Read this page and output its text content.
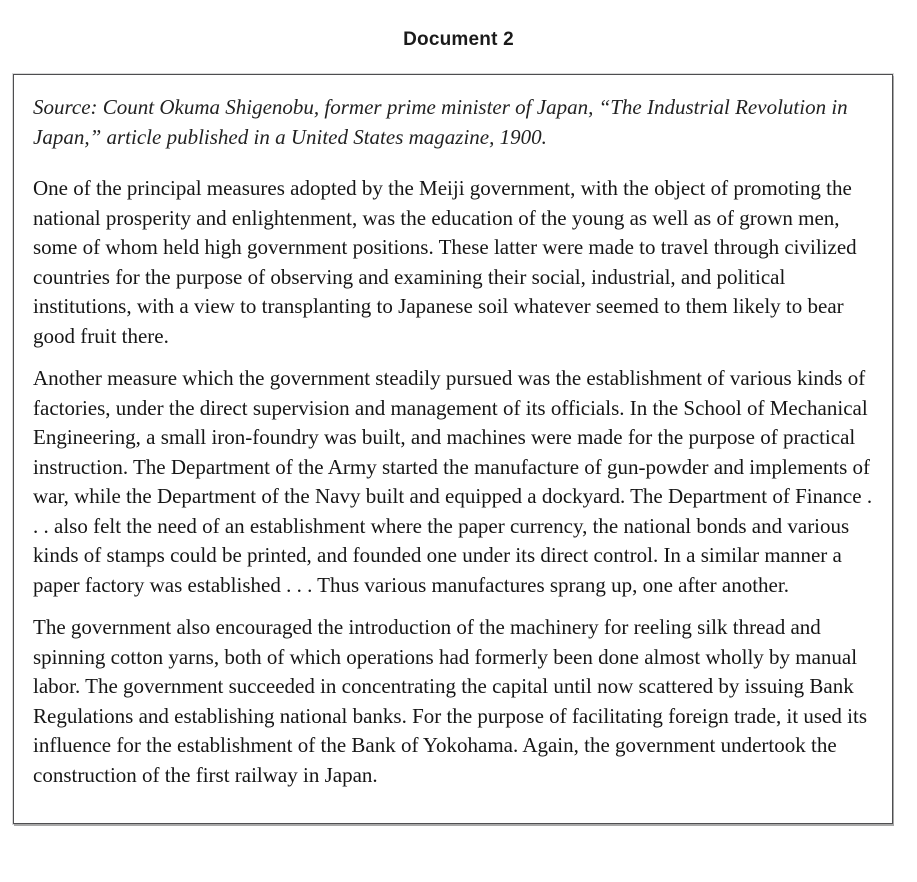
Document 2

Source: Count Okuma Shigenobu, former prime minister of Japan, “The Industrial Revolution in Japan,” article published in a United States magazine, 1900.

One of the principal measures adopted by the Meiji government, with the object of promoting the national prosperity and enlightenment, was the education of the young as well as of grown men, some of whom held high government positions. These latter were made to travel through civilized countries for the purpose of observing and examining their social, industrial, and political institutions, with a view to transplanting to Japanese soil whatever seemed to them likely to bear good fruit there.

Another measure which the government steadily pursued was the establishment of various kinds of factories, under the direct supervision and management of its officials. In the School of Mechanical Engineering, a small iron-foundry was built, and machines were made for the purpose of practical instruction. The Department of the Army started the manufacture of gun-powder and implements of war, while the Department of the Navy built and equipped a dockyard. The Department of Finance . . . also felt the need of an establishment where the paper currency, the national bonds and various kinds of stamps could be printed, and founded one under its direct control. In a similar manner a paper factory was established . . . Thus various manufactures sprang up, one after another.

The government also encouraged the introduction of the machinery for reeling silk thread and spinning cotton yarns, both of which operations had formerly been done almost wholly by manual labor. The government succeeded in concentrating the capital until now scattered by issuing Bank Regulations and establishing national banks. For the purpose of facilitating foreign trade, it used its influence for the establishment of the Bank of Yokohama. Again, the government undertook the construction of the first railway in Japan.
